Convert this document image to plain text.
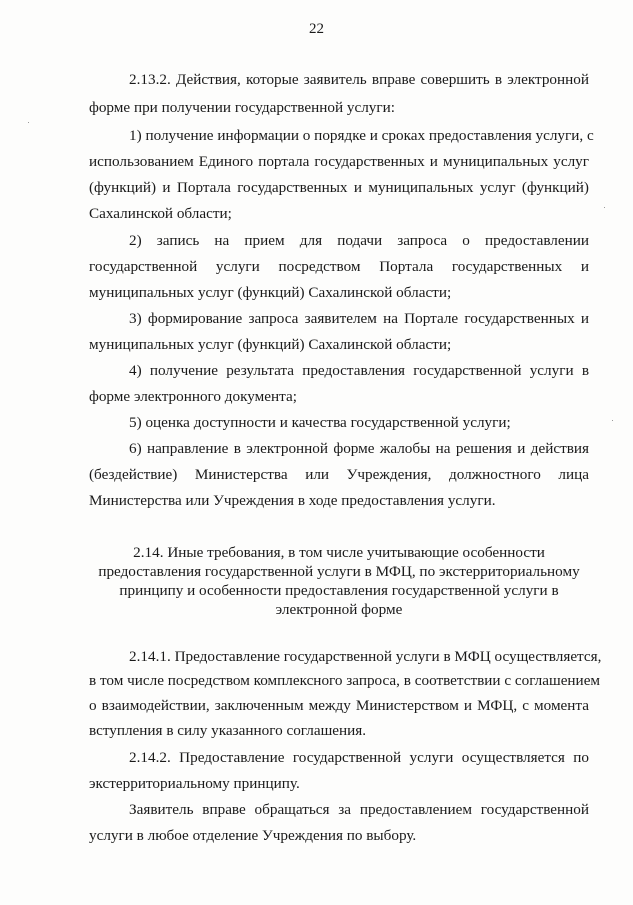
22
2.13.2. Действия, которые заявитель вправе совершить в электронной
форме при получении государственной услуги:
1) получение информации о порядке и сроках предоставления услуги, с
использованием Единого портала государственных и муниципальных услуг
(функций) и Портала государственных и муниципальных услуг (функций)
Сахалинской области;
2) запись на прием для подачи запроса о предоставлении
государственной услуги посредством Портала государственных и
муниципальных услуг (функций) Сахалинской области;
3) формирование запроса заявителем на Портале государственных и
муниципальных услуг (функций) Сахалинской области;
4) получение результата предоставления государственной услуги в
форме электронного документа;
5) оценка доступности и качества государственной услуги;
6) направление в электронной форме жалобы на решения и действия
(бездействие) Министерства или Учреждения, должностного лица
Министерства или Учреждения в ходе предоставления услуги.
2.14. Иные требования, в том числе учитывающие особенности
предоставления государственной услуги в МФЦ, по экстерриториальному
принципу и особенности предоставления государственной услуги в
электронной форме
2.14.1. Предоставление государственной услуги в МФЦ осуществляется,
в том числе посредством комплексного запроса, в соответствии с соглашением
о взаимодействии, заключенным между Министерством и МФЦ, с момента
вступления в силу указанного соглашения.
2.14.2. Предоставление государственной услуги осуществляется по
экстерриториальному принципу.
Заявитель вправе обращаться за предоставлением государственной
услуги в любое отделение Учреждения по выбору.
